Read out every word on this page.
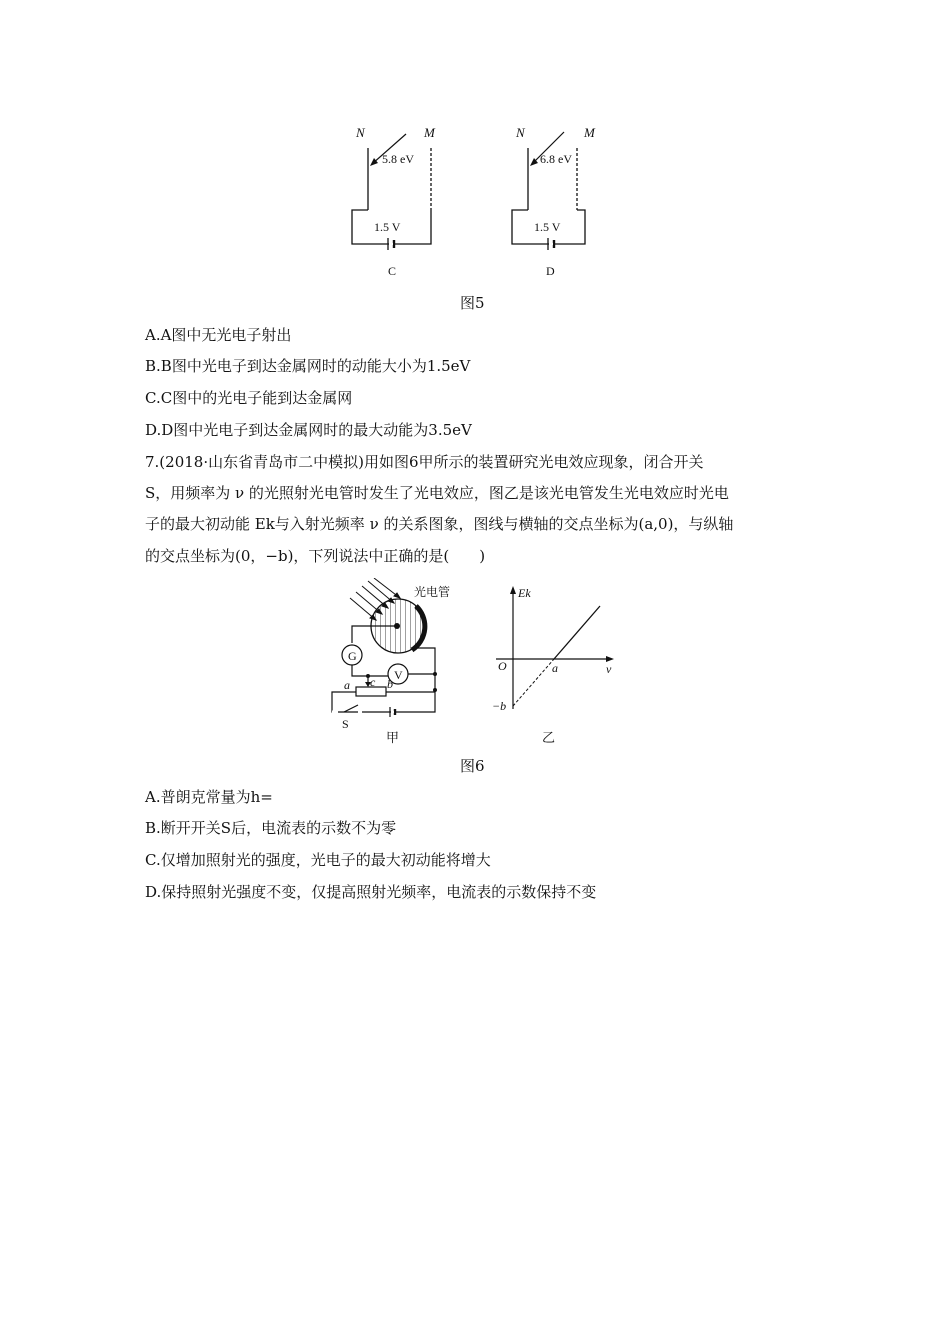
N	M
5.8 eV
1.5 V
C
N	M
6.8 eV
1.5 V
D
图5
A.A图中无光电子射出
B.B图中光电子到达金属网时的动能大小为1.5eV
C.C图中的光电子能到达金属网
D.D图中光电子到达金属网时的最大动能为3.5eV
7.(2018·山东省青岛市二中模拟)用如图6甲所示的装置研究光电效应现象，闭合开关
S，用频率为 ν 的光照射光电管时发生了光电效应，图乙是该光电管发生光电效应时光电
子的最大初动能 Ek与入射光频率 ν 的关系图象，图线与横轴的交点坐标为(a,0)，与纵轴
的交点坐标为(0，−b)，下列说法中正确的是(　　)
光电管
G
V
a c b
S
甲
Ek
ν
O	a
−b
乙
图6
A.普朗克常量为h=
B.断开开关S后，电流表的示数不为零
C.仅增加照射光的强度，光电子的最大初动能将增大
D.保持照射光强度不变，仅提高照射光频率，电流表的示数保持不变
